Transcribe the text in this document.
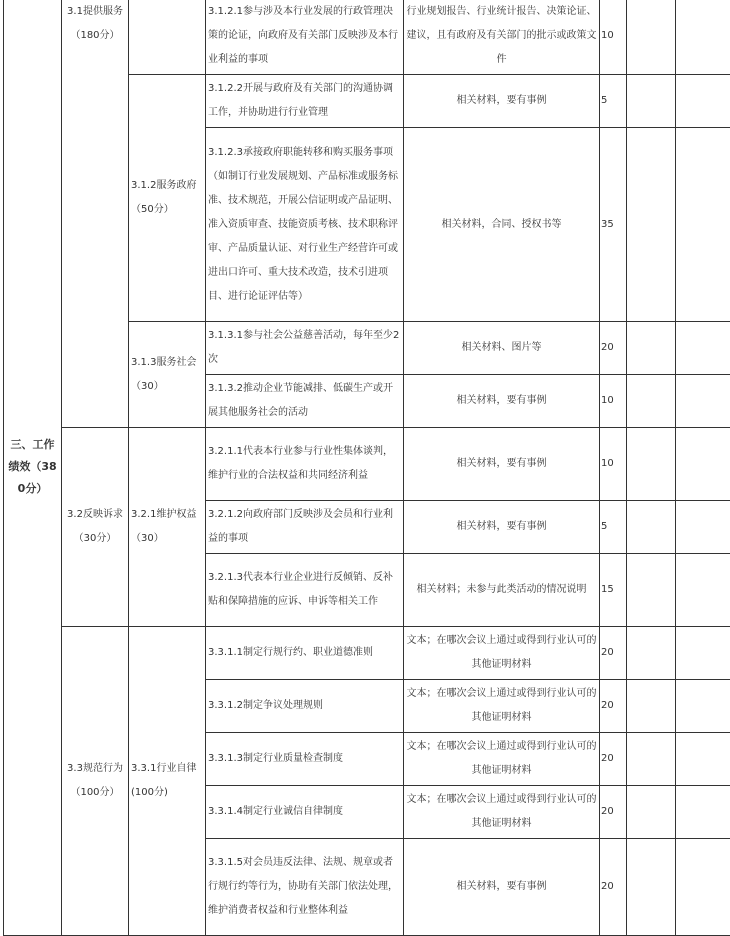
三、工作绩效（380分）	3.1提供服务（180分）		3.1.2.1参与涉及本行业发展的行政管理决策的论证，向政府及有关部门反映涉及本行业利益的事项	行业规划报告、行业统计报告、决策论证、建议，且有政府及有关部门的批示或政策文件	10		
		3.1.2服务政府（50分）	3.1.2.2开展与政府及有关部门的沟通协调工作，并协助进行行业管理	相关材料，要有事例	5		
			3.1.2.3承接政府职能转移和购买服务事项（如制订行业发展规划、产品标准或服务标准、技术规范，开展公信证明或产品证明、准入资质审查、技能资质考核、技术职称评审、产品质量认证、对行业生产经营许可或进出口许可、重大技术改造，技术引进项目、进行论证评估等）	相关材料，合同、授权书等	35		
		3.1.3服务社会（30）	3.1.3.1参与社会公益慈善活动，每年至少2次	相关材料、图片等	20		
			3.1.3.2推动企业节能减排、低碳生产或开展其他服务社会的活动	相关材料，要有事例	10		
	3.2反映诉求（30分）	3.2.1维护权益（30）	3.2.1.1代表本行业参与行业性集体谈判，维护行业的合法权益和共同经济利益	相关材料，要有事例	10		
			3.2.1.2向政府部门反映涉及会员和行业利益的事项	相关材料，要有事例	5		
			3.2.1.3代表本行业企业进行反倾销、反补贴和保障措施的应诉、申诉等相关工作	相关材料；未参与此类活动的情况说明	15		
	3.3规范行为（100分）	3.3.1行业自律(100分)	3.3.1.1制定行规行约、职业道德准则	文本；在哪次会议上通过或得到行业认可的其他证明材料	20		
			3.3.1.2制定争议处理规则	文本；在哪次会议上通过或得到行业认可的其他证明材料	20		
			3.3.1.3制定行业质量检查制度	文本；在哪次会议上通过或得到行业认可的其他证明材料	20		
			3.3.1.4制定行业诚信自律制度	文本；在哪次会议上通过或得到行业认可的其他证明材料	20		
			3.3.1.5对会员违反法律、法规、规章或者行规行约等行为，协助有关部门依法处理，维护消费者权益和行业整体利益	相关材料，要有事例	20		
